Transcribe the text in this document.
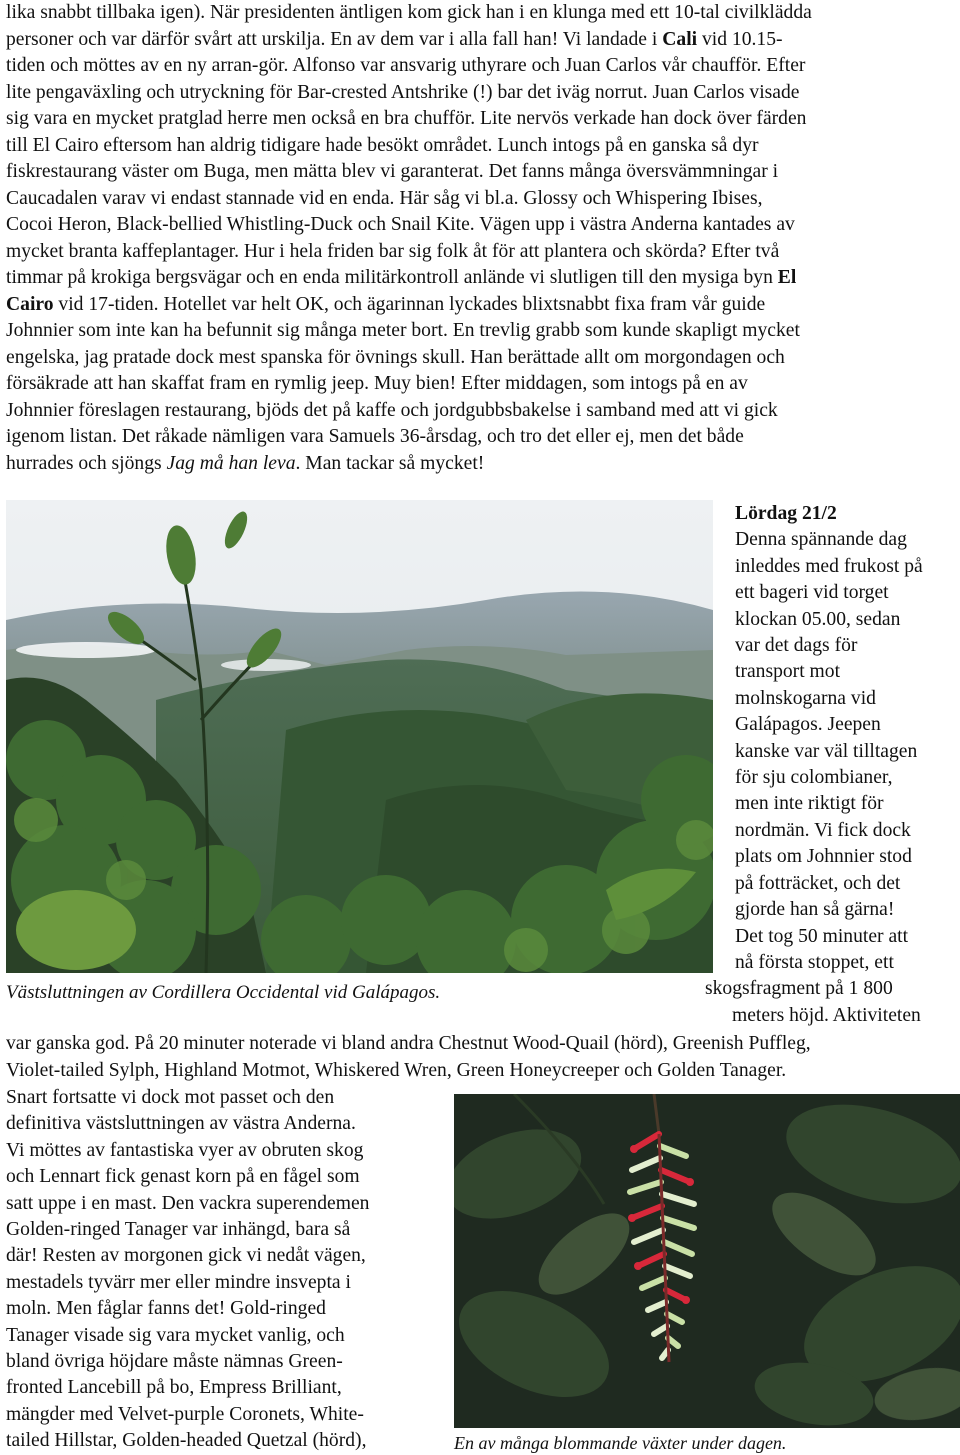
lika snabbt tillbaka igen). När presidenten äntligen kom gick han i en klunga med ett 10-tal civilklädda
personer och var därför svårt att urskilja. En av dem var i alla fall han! Vi landade i Cali vid 10.15-
tiden och möttes av en ny arran-gör. Alfonso var ansvarig uthyrare och Juan Carlos vår chaufför. Efter
lite pengaväxling och utryckning för Bar-crested Antshrike (!) bar det iväg norrut. Juan Carlos visade
sig vara en mycket pratglad herre men också en bra chufför. Lite nervös verkade han dock över färden
till El Cairo eftersom han aldrig tidigare hade besökt området. Lunch intogs på en ganska så dyr
fiskrestaurang väster om Buga, men mätta blev vi garanterat. Det fanns många översvämmningar i
Caucadalen varav vi endast stannade vid en enda. Här såg vi bl.a. Glossy och Whispering Ibises,
Cocoi Heron, Black-bellied Whistling-Duck och Snail Kite. Vägen upp i västra Anderna kantades av
mycket branta kaffeplantager. Hur i hela friden bar sig folk åt för att plantera och skörda? Efter två
timmar på krokiga bergsvägar och en enda militärkontroll anlände vi slutligen till den mysiga byn El
Cairo vid 17-tiden. Hotellet var helt OK, och ägarinnan lyckades blixtsnabbt fixa fram vår guide
Johnnier som inte kan ha befunnit sig många meter bort. En trevlig grabb som kunde skapligt mycket
engelska, jag pratade dock mest spanska för övnings skull. Han berättade allt om morgondagen och
försäkrade att han skaffat fram en rymlig jeep. Muy bien! Efter middagen, som intogs på en av
Johnnier föreslagen restaurang, bjöds det på kaffe och jordgubbsbakelse i samband med att vi gick
igenom listan. Det råkade nämligen vara Samuels 36-årsdag, och tro det eller ej, men det både
hurrades och sjöngs Jag må han leva. Man tackar så mycket!

Västsluttningen av Cordillera Occidental vid Galápagos.
Lördag 21/2
Denna spännande dag
inleddes med frukost på
ett bageri vid torget
klockan 05.00, sedan
var det dags för
transport mot
molnskogarna vid
Galápagos. Jeepen
kanske var väl tilltagen
för sju colombianer,
men inte riktigt för
nordmän. Vi fick dock
plats om Johnnier stod
på fotträcket, och det
gjorde han så gärna!
Det tog 50 minuter att
nå första stoppet, ett
skogsfragment på 1 800
meters höjd. Aktiviteten
var ganska god. På 20 minuter noterade vi bland andra Chestnut Wood-Quail (hörd), Greenish Puffleg,
Violet-tailed Sylph, Highland Motmot, Whiskered Wren, Green Honeycreeper och Golden Tanager.
Snart fortsatte vi dock mot passet och den
definitiva västsluttningen av västra Anderna.
Vi möttes av fantastiska vyer av obruten skog
och Lennart fick genast korn på en fågel som
satt uppe i en mast. Den vackra superendemen
Golden-ringed Tanager var inhängd, bara så
där! Resten av morgonen gick vi nedåt vägen,
mestadels tyvärr mer eller mindre insvepta i
moln. Men fåglar fanns det! Gold-ringed
Tanager visade sig vara mycket vanlig, och
bland övriga höjdare måste nämnas Green-
fronted Lancebill på bo, Empress Brilliant,
mängder med Velvet-purple Coronets, White-
tailed Hillstar, Golden-headed Quetzal (hörd),	En av många blommande växter under dagen.
